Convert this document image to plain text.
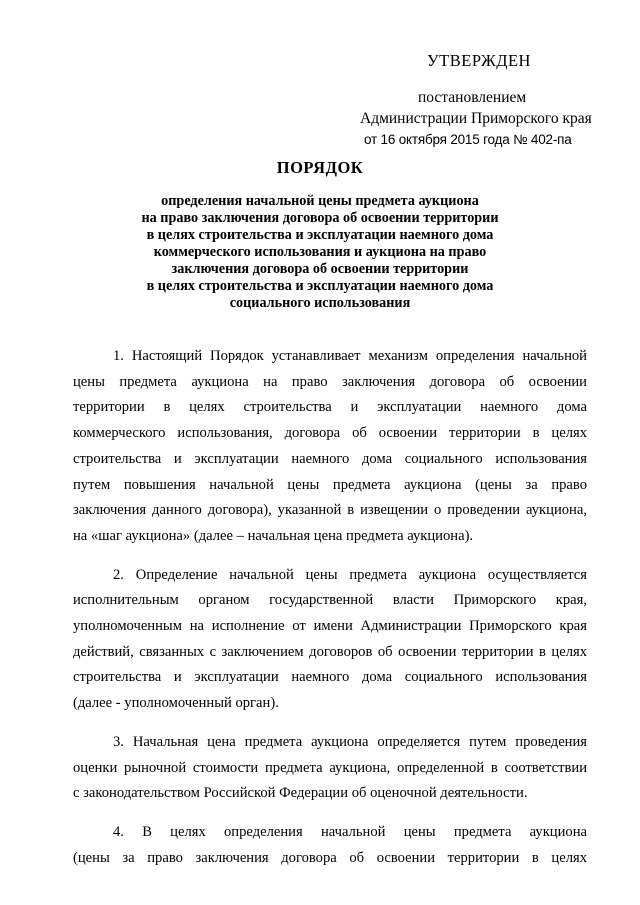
УТВЕРЖДЕН
постановлением
Администрации Приморского края
от 16 октября 2015 года № 402-па
ПОРЯДОК
определения начальной цены предмета аукциона
на право заключения договора об освоении территории
в целях строительства и эксплуатации наемного дома
коммерческого использования и аукциона на право
заключения договора об освоении территории
в целях строительства и эксплуатации наемного дома
социального использования
1. Настоящий Порядок устанавливает механизм определения начальной
цены предмета аукциона на право заключения договора об освоении
территории в целях строительства и эксплуатации наемного дома
коммерческого использования, договора об освоении территории в целях
строительства и эксплуатации наемного дома социального использования
путем повышения начальной цены предмета аукциона (цены за право
заключения данного договора), указанной в извещении о проведении аукциона,
на «шаг аукциона» (далее – начальная цена предмета аукциона).
2. Определение начальной цены предмета аукциона осуществляется
исполнительным органом государственной власти Приморского края,
уполномоченным на исполнение от имени Администрации Приморского края
действий, связанных с заключением договоров об освоении территории в целях
строительства и эксплуатации наемного дома социального использования
(далее - уполномоченный орган).
3. Начальная цена предмета аукциона определяется путем проведения
оценки рыночной стоимости предмета аукциона, определенной в соответствии
с законодательством Российской Федерации об оценочной деятельности.
4. В целях определения начальной цены предмета аукциона
(цены за право заключения договора об освоении территории в целях
